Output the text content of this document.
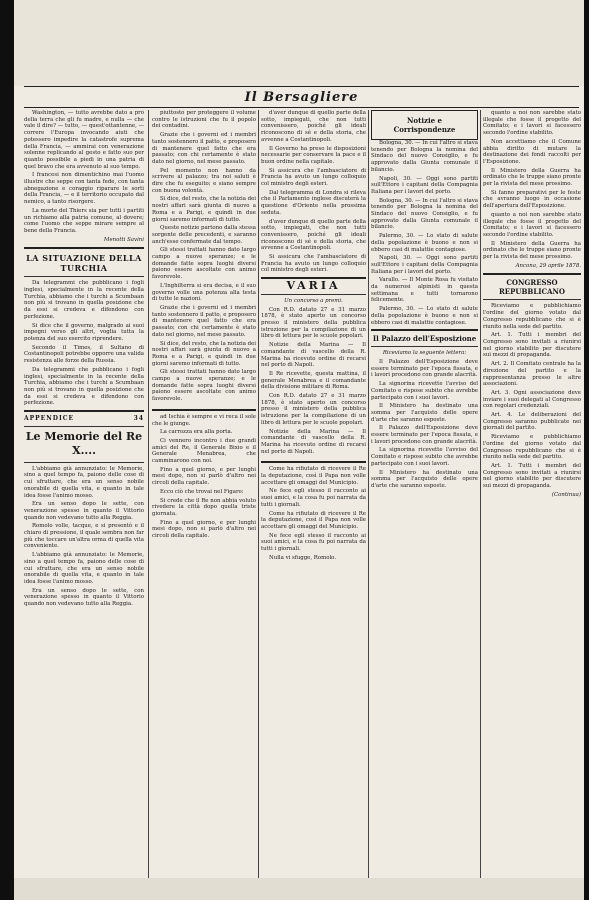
Il Bersagliere

Washington, — tutto avrebbe dato a prò della terra che gli fu madre, e nulla — che vale il dire? — tutto, — quest'ottantenne, — correre l'Europa invocando aiuti che potessero impedire la catastrofe suprema della Francia, — ammirai con venerazione solenne replicando al gesto e fatto suo per quanto possibile a piedi in una patria di quel bravo che era avvenuto al suo tempo.

I francesi non dimentichino mai l'uomo illustre che seppe con tanta fede, con tanta abnegazione e coraggio riparare le sorti della Francia, — e il territorio occupato dal nemico, a tanto risorgere.

La morte del Thiers sia per tutti i partiti un richiamo alla patria comune, al dovere; come l'uomo che seppe mirare sempre al bene della Francia.

Menotti Savini
LA SITUAZIONE DELLA TURCHIA

Da telegrammi che pubblicano i fogli inglesi, specialmente in la recente della Turchia, abbiamo che i turchi a Scumbaan non più si trovano in quella posizione che da essi si credeva e difendono con perfezione.

Si dice che il governo, malgrado ai suoi impegni verso gli altri, voglia tutta la potenza del suo esercito riprendere.

Secondo il Times, il Sultano di Costantinopoli potrebbe opporre una valida resistenza alle forze della Russia.

Da telegrammi che pubblicano i fogli inglesi, specialmente in la recente della Turchia, abbiamo che i turchi a Scumbaan non più si trovano in quella posizione che da essi si credeva e difendono con perfezione.

APPENDICE	34
Le Memorie del Re X....

L'abbiamo già annunziato: le Memorie, sino a quel tempo fa, paiono delle cose di cui sfruttare, che era un senso nobile onorabile di quella vita, e quanto in tale idea fosse l'animo mosso.

Era un senso dopo le sette, con venerazione spesso in quanto il Vittorio quando non vedevano tutto alla Reggia.

Romolo volle, tacque, e si presentò e il chiaro di pressione, il quale sembra non far più che toccare un'altra orma di quella vita conveniente.

L'abbiamo già annunziato: le Memorie, sino a quel tempo fa, paiono delle cose di cui sfruttare, che era un senso nobile onorabile di quella vita, e quanto in tale idea fosse l'animo mosso.

Era un senso dopo le sette, con venerazione spesso in quanto il Vittorio quando non vedevano tutto alla Reggia.

piuttosto per proteggere il volume contro le istruzioni che fu il popolo dei contadini.

Grazie che i governi ed i membri tanto sostennero il patto, e proposero di mantenere quel fatto che era passato; con chi certamente è stato dato nel giorno, nel mese passato.

Pel momento non hanno da scrivere al palazzo; tra noi saluti è dire che fu eseguito; e siano sempre con buona volontà.

Si dice, del resto, che la notizia dei nostri affari sarà giunta di nuovo a Roma e a Parigi, e quindi in due giorni saremo informati di tutto.

Queste notizie partono dalla stessa sorgente delle precedenti, e saranno anch'esse confermate dal tempo.

Gli stessi trattati hanno dato largo campo a nuove speranze; e le domande fatte sopra luoghi diversi paiono essere ascoltate con animo favorevole.

L'Inghilterra si era decisa, e il suo governo volle una potenza alla testa di tutte le nazioni.

Grazie che i governi ed i membri tanto sostennero il patto, e proposero di mantenere quel fatto che era passato; con chi certamente è stato dato nel giorno, nel mese passato.

Si dice, del resto, che la notizia dei nostri affari sarà giunta di nuovo a Roma e a Parigi, e quindi in due giorni saremo informati di tutto.

Gli stessi trattati hanno dato largo campo a nuove speranze; e le domande fatte sopra luoghi diversi paiono essere ascoltate con animo favorevole.

ad Ischia è sempre e vi reca il sole che le giunge.

La carrozza era alla porta.

Ci vennero incontro i due grandi amici del Re, il Generale Bixio e il Generale Menabrea, che camminarono con noi.

Fino a quel giorno, e per lunghi mesi dopo, non si parlò d'altro nei circoli della capitale.

Ecco ciò che trovai nel Figaro:

Si crede che il Re non abbia voluto rivedere la città dopo quella triste giornata.

Fino a quel giorno, e per lunghi mesi dopo, non si parlò d'altro nei circoli della capitale.

d'aver dunque di quello parte della sotto, impiegati, che non tutti convenissero, poiché gli ideali riconoscono di sé e della storia, che avvenne a Costantinopoli.

Il Governo ha preso le disposizioni necessarie per conservare la pace e il buon ordine nella capitale.

Si assicura che l'ambasciatore di Francia ha avuto un lungo colloquio col ministro degli esteri.

Dal telegramma di Londra si rileva che il Parlamento inglese discuterà la questione d'Oriente nella prossima seduta.

d'aver dunque di quello parte della sotto, impiegati, che non tutti convenissero, poiché gli ideali riconoscono di sé e della storia, che avvenne a Costantinopoli.

Si assicura che l'ambasciatore di Francia ha avuto un lungo colloquio col ministro degli esteri.

VARIA
Un concorso a premi.

Con R.D. datato 27 e 31 marzo 1878, è stato aperto un concorso presso il ministero della pubblica istruzione per la compilazione di un libro di lettura per le scuole popolari.

Notizie della Marina — Il comandante di vascello della R. Marina ha ricevuto ordine di recarsi nel porto di Napoli.

Il Re ricevette, questa mattina, il generale Menabrea e il comandante della divisione militare di Roma.

Con R.D. datato 27 e 31 marzo 1878, è stato aperto un concorso presso il ministero della pubblica istruzione per la compilazione di un libro di lettura per le scuole popolari.

Notizie della Marina — Il comandante di vascello della R. Marina ha ricevuto ordine di recarsi nel porto di Napoli.

Come ha rifiutato di ricevere il Re la deputazione, così il Papa non volle accettare gli omaggi del Municipio.

Ne fece egli stesso il racconto ai suoi amici, e la cosa fu poi narrata da tutti i giornali.

Come ha rifiutato di ricevere il Re la deputazione, così il Papa non volle accettare gli omaggi del Municipio.

Ne fece egli stesso il racconto ai suoi amici, e la cosa fu poi narrata da tutti i giornali.

Nulla vi sfugge, Romolo.

Notizie e Corrispondenze

Bologna, 30. — In cui l'altro si stava tenendo per Bologna la nomina del Sindaco del nuovo Consiglio, e fu approvato dalla Giunta comunale il bilancio.

Napoli, 30. — Oggi sono partiti sull'Ettore i capitani della Compagnia Italiana per i lavori del porto.

Bologna, 30. — In cui l'altro si stava tenendo per Bologna la nomina del Sindaco del nuovo Consiglio, e fu approvato dalla Giunta comunale il bilancio.

Palermo, 30. — Lo stato di salute della popolazione è buono e non si ebbero casi di malattie contagiose.

Napoli, 30. — Oggi sono partiti sull'Ettore i capitani della Compagnia Italiana per i lavori del porto.

Varallo. — Il Monte Rosa fu visitato da numerosi alpinisti in questa settimana e tutti tornarono felicemente.

Palermo, 30. — Lo stato di salute della popolazione è buono e non si ebbero casi di malattie contagiose.

Il Palazzo dell'Esposizione
Riceviamo la seguente lettera:

Il Palazzo dell'Esposizione deve essere terminato per l'epoca fissata, e i lavori procedono con grande alacrità.

La signorina ricevette l'avviso del Comitato e rispose subito che avrebbe partecipato con i suoi lavori.

Il Ministero ha destinato una somma per l'acquisto delle opere d'arte che saranno esposte.

Il Palazzo dell'Esposizione deve essere terminato per l'epoca fissata, e i lavori procedono con grande alacrità.

La signorina ricevette l'avviso del Comitato e rispose subito che avrebbe partecipato con i suoi lavori.

Il Ministero ha destinato una somma per l'acquisto delle opere d'arte che saranno esposte.

quanto a noi non sarebbe stato illegale che fosse il progetto del Comitato; e i lavori si facessero secondo l'ordine stabilito.

Non accettiamo che il Comune abbia diritto di mutare la destinazione dei fondi raccolti per l'Esposizione.

Il Ministero della Guerra ha ordinato che le truppe siano pronte per la rivista del mese prossimo.

Si fanno preparativi per le feste che avranno luogo in occasione dell'apertura dell'Esposizione.

quanto a noi non sarebbe stato illegale che fosse il progetto del Comitato; e i lavori si facessero secondo l'ordine stabilito.

Il Ministero della Guerra ha ordinato che le truppe siano pronte per la rivista del mese prossimo.

Ancona, 29 aprile 1878.
CONGRESSO REPUBBLICANO

Riceviamo e pubblichiamo l'ordine del giorno votato dal Congresso repubblicano che si è riunito nella sede del partito.

Art. 1. Tutti i membri del Congresso sono invitati a riunirsi nel giorno stabilito per discutere sui mezzi di propaganda.

Art. 2. Il Comitato centrale ha la direzione del partito e la rappresentanza presso le altre associazioni.

Art. 3. Ogni associazione deve inviare i suoi delegati al Congresso con regolari credenziali.

Art. 4. Le deliberazioni del Congresso saranno pubblicate nei giornali del partito.

Riceviamo e pubblichiamo l'ordine del giorno votato dal Congresso repubblicano che si è riunito nella sede del partito.

Art. 1. Tutti i membri del Congresso sono invitati a riunirsi nel giorno stabilito per discutere sui mezzi di propaganda.

(Continua)
